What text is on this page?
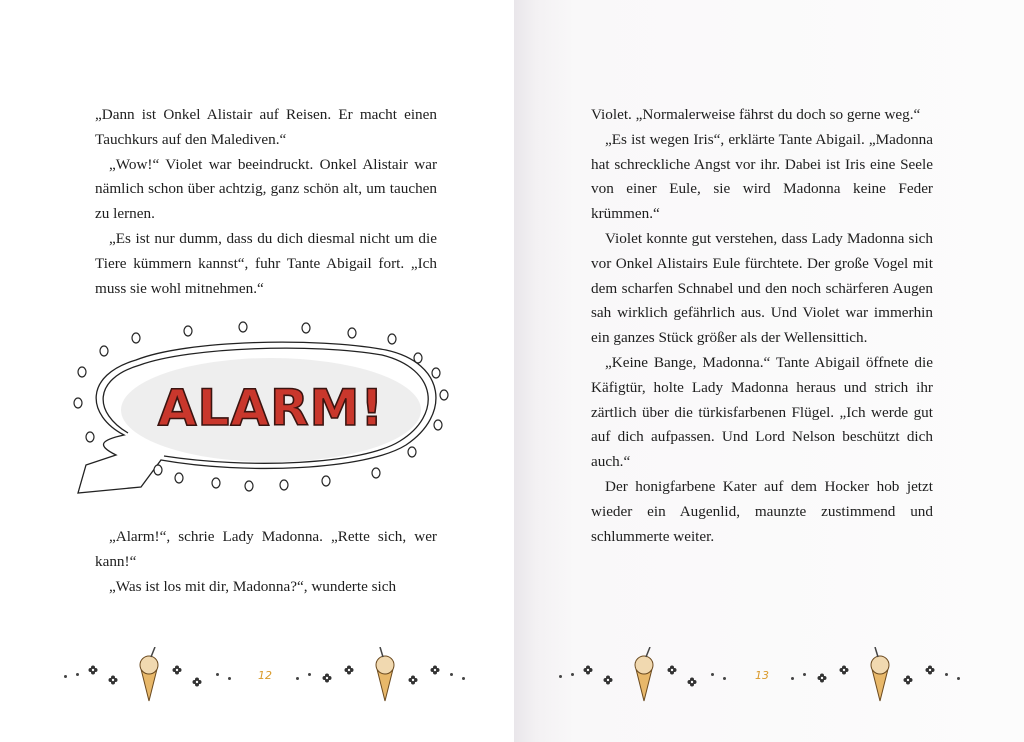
„Dann ist Onkel Alistair auf Reisen. Er macht einen Tauchkurs auf den Malediven.“

„Wow!“ Violet war beeindruckt. Onkel Alistair war nämlich schon über achtzig, ganz schön alt, um tauchen zu lernen.

„Es ist nur dumm, dass du dich diesmal nicht um die Tiere kümmern kannst“, fuhr Tante Abigail fort. „Ich muss sie wohl mitnehmen.“

ALARM!

„Alarm!“, schrie Lady Madonna. „Rette sich, wer kann!“

„Was ist los mit dir, Madonna?“, wunderte sich

12

Violet. „Normalerweise fährst du doch so gerne weg.“

„Es ist wegen Iris“, erklärte Tante Abigail. „Madonna hat schreckliche Angst vor ihr. Dabei ist Iris eine Seele von einer Eule, sie wird Madonna keine Feder krümmen.“

Violet konnte gut verstehen, dass Lady Madonna sich vor Onkel Alistairs Eule fürchtete. Der große Vogel mit dem scharfen Schnabel und den noch schärferen Augen sah wirklich gefährlich aus. Und Violet war immerhin ein ganzes Stück größer als der Wellensittich.

„Keine Bange, Madonna.“ Tante Abigail öffnete die Käfigtür, holte Lady Madonna heraus und strich ihr zärtlich über die türkisfarbenen Flügel. „Ich werde gut auf dich aufpassen. Und Lord Nelson beschützt dich auch.“

Der honigfarbene Kater auf dem Hocker hob jetzt wieder ein Augenlid, maunzte zustimmend und schlummerte weiter.

13
